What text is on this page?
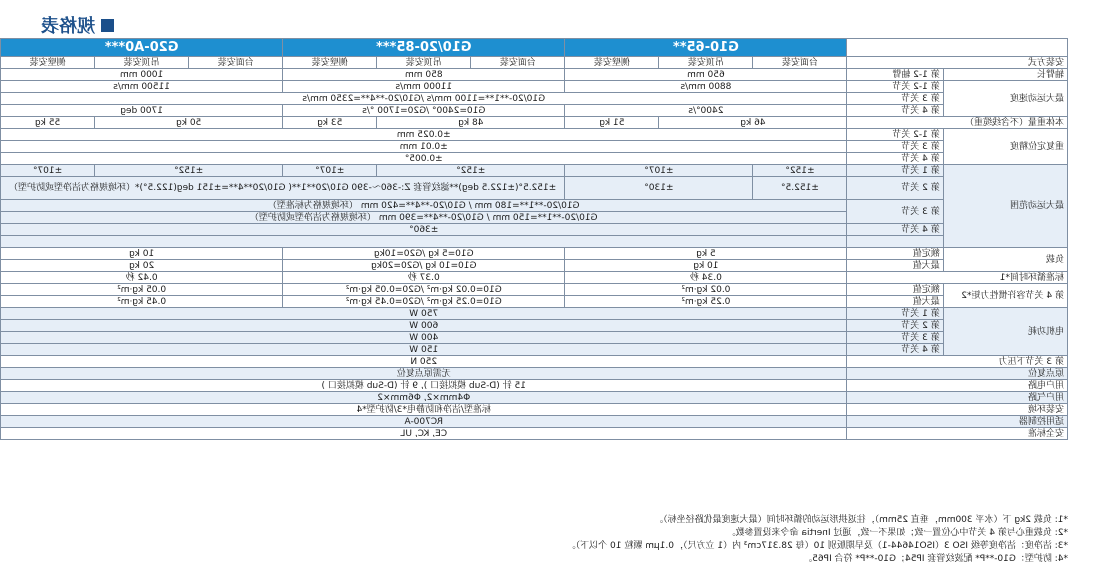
规格表
		G10-65**			G10/20-85***			G20-A0***		
安装方式		台面安装	吊顶安装	侧壁安装	台面安装	吊顶安装	侧壁安装	台面安装	吊顶安装	侧壁安装
轴臂长	第 1-2 轴臂	650 mm			850 mm			1000 mm		
最大运动速度	第 1-2 关节	8800 mm/s			11000 mm/s			11500 mm/s		
	第 3 关节	G10/20-**1**=1100 mm/s /G10/20-**4**=2350 mm/s								
	第 4 关节	2400°/s			G10=2400° /G20=1700 °/s			1700 deg		
本体重量（不含线缆重）		46 kg		51 kg	48 kg		53 kg	50 kg		55 kg
重复定位精度	第 1-2 关节	±0.025 mm								
	第 3 关节	±0.01 mm								
	第 4 关节	±0.005°								
最大运动范围	第 1 关节	±152°	±107°		±152°		±107°	±152°		±107°
	第 2 关节	±152.5°	±130°		±152.5°(±122.5 deg)**滤纹管套 Z:-360～-390 G10/20**1**( G10/20**4**=±151 deg(122.5°)*（环境规格为洁净型或防护型）					
	第 3 关节	G10/20-**1**=180 mm / G10/20-**4**=420 mm （环境规格为标准型）								
		G10/20-**1**=150 mm / G10/20-**4**=390 mm （环境规格为洁净型或防护型）								
	第 4 关节	±360°								

负载	额定值	5 kg			G10=5 kg /G20=10kg			10 kg		
	最大值	10 kg			G10=10 kg /G20=20kg			20 kg		
标准循环时间*1		0.34 秒			0.37 秒			0.42 秒		
第 4 关节容许惯性力矩*2	额定值	0.02 kg·m²			G10=0.02 kg·m² /G20=0.05 kg·m²			0.05 kg·m²		
	最大值	0.25 kg·m²			G10=0.25 kg·m² /G20=0.45 kg·m²			0.45 kg·m²		
电机功耗	第 1 关节	750 W								
	第 2 关节	600 W								
	第 3 关节	400 W								
	第 4 关节	150 W								
第 3 关节下压力		250 N								
原点复位		无需原点复位								
用户电路		15 针 (D-Sub 模拟接口 ), 9 针 (D-Sub 模拟接口 )								
用户气路		Φ4mm×2, Φ6mm×2								
安装环境		标准型/洁净和防静电*3/防护型*4								
适用控制器		RC700-A								
安全标准		CE, KC, UL								
*1: 负载 2kg 下（水平 300mm，垂直 25mm），往返拱形运动的循环时间（最大速度最优路径坐标）。
*2: 负载重心与第 4 关节中心位置一致；如果不一致，通过 Inertia 命令来设置参数。
*3: 洁净度：洁净度等级 ISO 3（ISO14644-1）及早期版别 10（每 28.317cm³ 内（1 立方尺），0.1μm 颗粒 10 个以下）。
*4: 防护型：G10-**P* 配波纹管套 IP54；G10-**P* 符合 IP65。
